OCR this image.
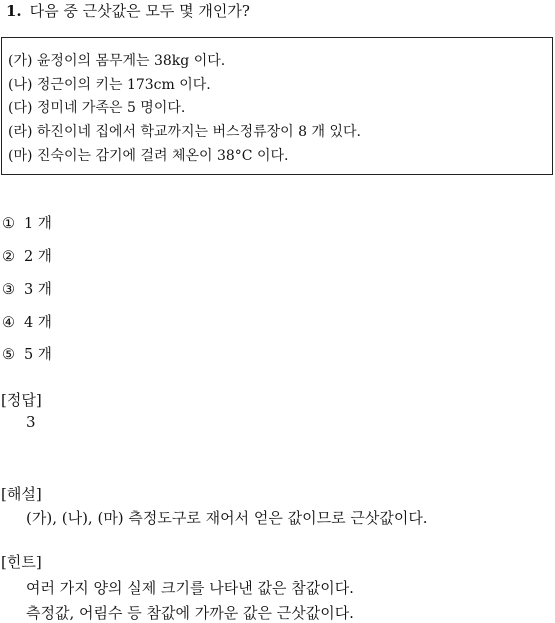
1. 다음 중 근삿값은 모두 몇 개인가?
(가) 윤정이의 몸무게는 38kg 이다.
(나) 정근이의 키는 173cm 이다.
(다) 정미네 가족은 5 명이다.
(라) 하진이네 집에서 학교까지는 버스정류장이 8 개 있다.
(마) 진숙이는 감기에 걸려 체온이 38°C 이다.
① 1 개
② 2 개
③ 3 개
④ 4 개
⑤ 5 개
[정답]
3
[해설]
(가), (나), (마) 측정도구로 재어서 얻은 값이므로 근삿값이다.
[힌트]
여러 가지 양의 실제 크기를 나타낸 값은 참값이다.
측정값, 어림수 등 참값에 가까운 값은 근삿값이다.
